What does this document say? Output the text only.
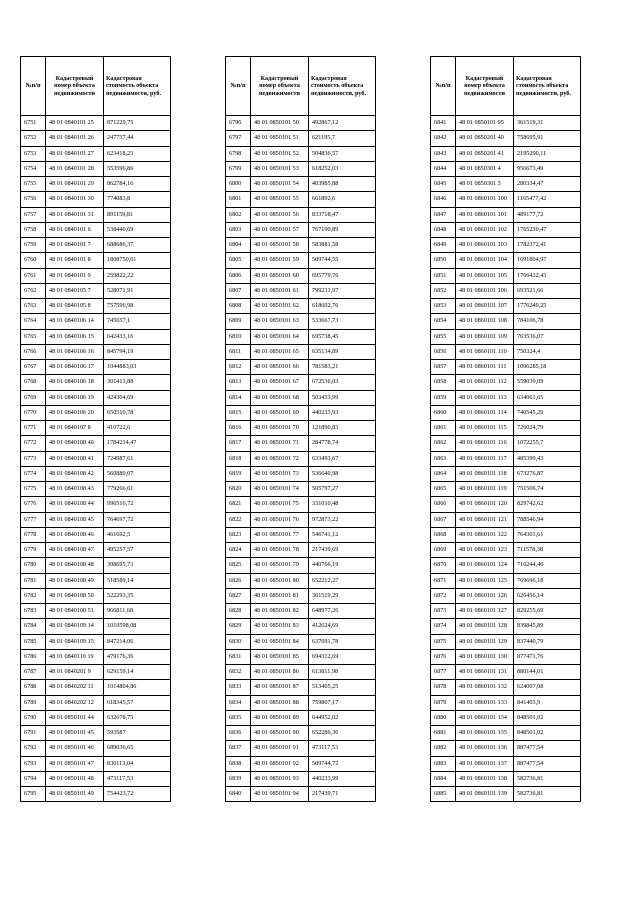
№п/п	Кадастровый номер объекта недвижимости	Кадастровая стоимость объекта недвижимости, руб.
6751	48 01 0840101 25	871229,75
6752	48 01 0840101 26	247737,44
6753	48 01 0840101 27	623418,23
6754	48 01 0840101 28	553596,86
6755	48 01 0840101 29	862784,16
6756	48 01 0840101 30	774083,8
6757	48 01 0840101 31	891159,81
6758	48 01 0840101 6	538440,69
6759	48 01 0840101 7	688686,37
6760	48 01 0840101 8	1808750,01
6761	48 01 0840101 9	259822,22
6762	48 01 0840105 7	528071,91
6763	48 01 0840105 8	757596,98
6764	48 01 0840106 14	745657,1
6765	48 01 0840106 15	642433,16
6766	48 01 0840106 16	845794,19
6767	48 01 0840106 17	1044883,03
6768	48 01 0840106 18	301413,88
6769	48 01 0840106 19	424304,69
6770	48 01 0840106 20	650510,78
6771	48 01 0840107 8	410722,6
6772	48 01 0840108 40	1784214,47
6773	48 01 0840108 41	724987,61
6774	48 01 0840108 42	560880,07
6775	48 01 0840108 43	779266,61
6776	48 01 0840108 44	996516,72
6777	48 01 0840108 45	764697,72
6778	48 01 0840108 46	461692,5
6779	48 01 0840108 47	495257,57
6780	48 01 0840108 48	398695,73
6781	48 01 0840108 49	518589,14
6782	48 01 0840108 50	522293,35
6783	48 01 0840108 51	966811,68
6784	48 01 0840109 14	1019598,08
6785	48 01 0840109 15	847214,06
6786	48 01 0840110 19	479176,36
6787	48 01 0840201 9	629159,14
6788	48 01 0840202 11	1014804,86
6789	48 01 0840202 12	618345,57
6790	48 01 0850101 44	632678,75
6791	48 01 0850101 45	593587
6792	48 01 0850101 46	689036,65
6793	48 01 0850101 47	830113,04
6794	48 01 0850101 48	473117,53
6795	48 01 0850101 49	754423,72
№п/п	Кадастровый номер объекта недвижимости	Кадастровая стоимость объекта недвижимости, руб.
6796	48 01 0850101 50	492867,12
6797	48 01 0850101 51	621195,7
6798	48 01 0850101 52	504836,57
6799	48 01 0850101 53	618252,03
6800	48 01 0850101 54	403985,88
6801	48 01 0850101 55	661892,6
6802	48 01 0850101 56	833718,47
6803	48 01 0850101 57	767190,89
6804	48 01 0850101 58	583881,58
6805	48 01 0850101 59	509744,55
6806	48 01 0850101 60	695779,76
6807	48 01 0850101 61	799231,97
6808	48 01 0850101 62	618602,76
6809	48 01 0850101 63	533667,73
6810	48 01 0850101 64	695738,45
6811	48 01 0850101 65	635134,89
6812	48 01 0850101 66	781583,21
6813	48 01 0850101 67	672536,03
6814	48 01 0850101 68	503433,99
6815	48 01 0850101 69	440233,93
6816	48 01 0850101 70	121890,83
6817	48 01 0850101 71	284778,74
6818	48 01 0850101 72	633493,67
6819	48 01 0850101 73	536640,98
6820	48 01 0850101 74	505797,27
6821	48 01 0850101 75	331010,48
6822	48 01 0850101 76	972873,22
6823	48 01 0850101 77	546741,12
6824	48 01 0850101 78	217439,69
6825	48 01 0850101 79	440766,19
6826	48 01 0850101 80	652212,27
6827	48 01 0850101 81	361519,29
6828	48 01 0850101 82	648977,26
6829	48 01 0850101 83	412624,69
6830	48 01 0850101 84	637691,78
6831	48 01 0850101 85	694312,69
6832	48 01 0850101 86	613811,98
6833	48 01 0850101 87	513405,25
6834	48 01 0850101 88	759807,17
6835	48 01 0850101 89	644952,02
6836	48 01 0850101 90	652286,36
6837	48 01 0850101 91	473117,53
6838	48 01 0850101 92	509744,72
6839	48 01 0850101 93	440233,99
6840	48 01 0850101 94	217439,71
№п/п	Кадастровый номер объекта недвижимости	Кадастровая стоимость объекта недвижимости, руб.
6841	48 01 0850101 95	361519,31
6842	48 01 0850201 40	758695,91
6843	48 01 0850201 41	2195290,11
6844	48 01 0850301 4	956673,49
6845	48 01 0850301 5	280334,47
6846	48 01 0860101 100	1165477,42
6847	48 01 0860101 101	489177,72
6848	48 01 0860101 102	1765230,47
6849	48 01 0860101 103	1782372,41
6850	48 01 0860101 104	1691804,97
6851	48 01 0860101 105	1766432,43
6852	48 01 0860101 106	693521,66
6853	48 01 0860101 107	1776249,25
6854	48 01 0860101 108	784106,78
6855	48 01 0860101 109	763536,07
6856	48 01 0860101 110	750324,4
6857	48 01 0860101 111	1096285,18
6858	48 01 0860101 112	559039,09
6859	48 01 0860101 113	634061,65
6860	48 01 0860101 114	740545,29
6861	48 01 0860101 115	726024,79
6862	48 01 0860101 116	1072255,7
6863	48 01 0860101 117	485399,43
6864	48 01 0860101 118	673276,87
6865	48 01 0860101 119	751506,74
6866	48 01 0860101 120	829742,62
6867	48 01 0860101 121	788546,94
6868	48 01 0860101 122	764301,61
6869	48 01 0860101 123	711578,38
6870	48 01 0860101 124	716244,46
6871	48 01 0860101 125	769696,18
6872	48 01 0860101 126	626456,14
6873	48 01 0860101 127	829255,69
6874	48 01 0860101 128	839845,89
6875	48 01 0860101 129	837440,79
6876	48 01 0860101 130	877471,76
6877	48 01 0860101 131	880144,01
6878	48 01 0860101 132	624007,08
6879	48 01 0860101 133	841403,9
6880	48 01 0860101 134	848501,02
6881	48 01 0860101 135	848501,02
6882	48 01 0860101 136	887477,54
6883	48 01 0860101 137	887477,54
6884	48 01 0860101 138	582736,81
6885	48 01 0860101 139	582736,81
